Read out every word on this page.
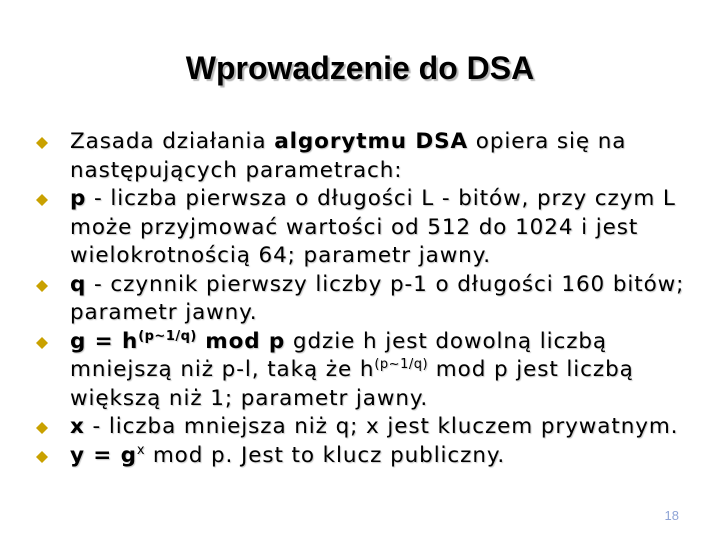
Wprowadzenie do DSA
Zasada działania algorytmu DSA opiera się na następujących parametrach:
p - liczba pierwsza o długości L - bitów, przy czym L może przyjmować wartości od 512 do 1024 i jest wielokrotnością 64; parametr jawny.
q - czynnik pierwszy liczby p-1 o długości 160 bitów; parametr jawny.
$g = h^{(p\sim 1/q)}$ mod p gdzie h jest dowolną liczbą mniejszą niż p-l, taką że $h^{(p\sim 1/q)}$ mod p jest liczbą większą niż 1; parametr jawny.
x - liczba mniejsza niż q; x jest kluczem prywatnym.
$y = g^x$ mod p. Jest to klucz publiczny.
18
